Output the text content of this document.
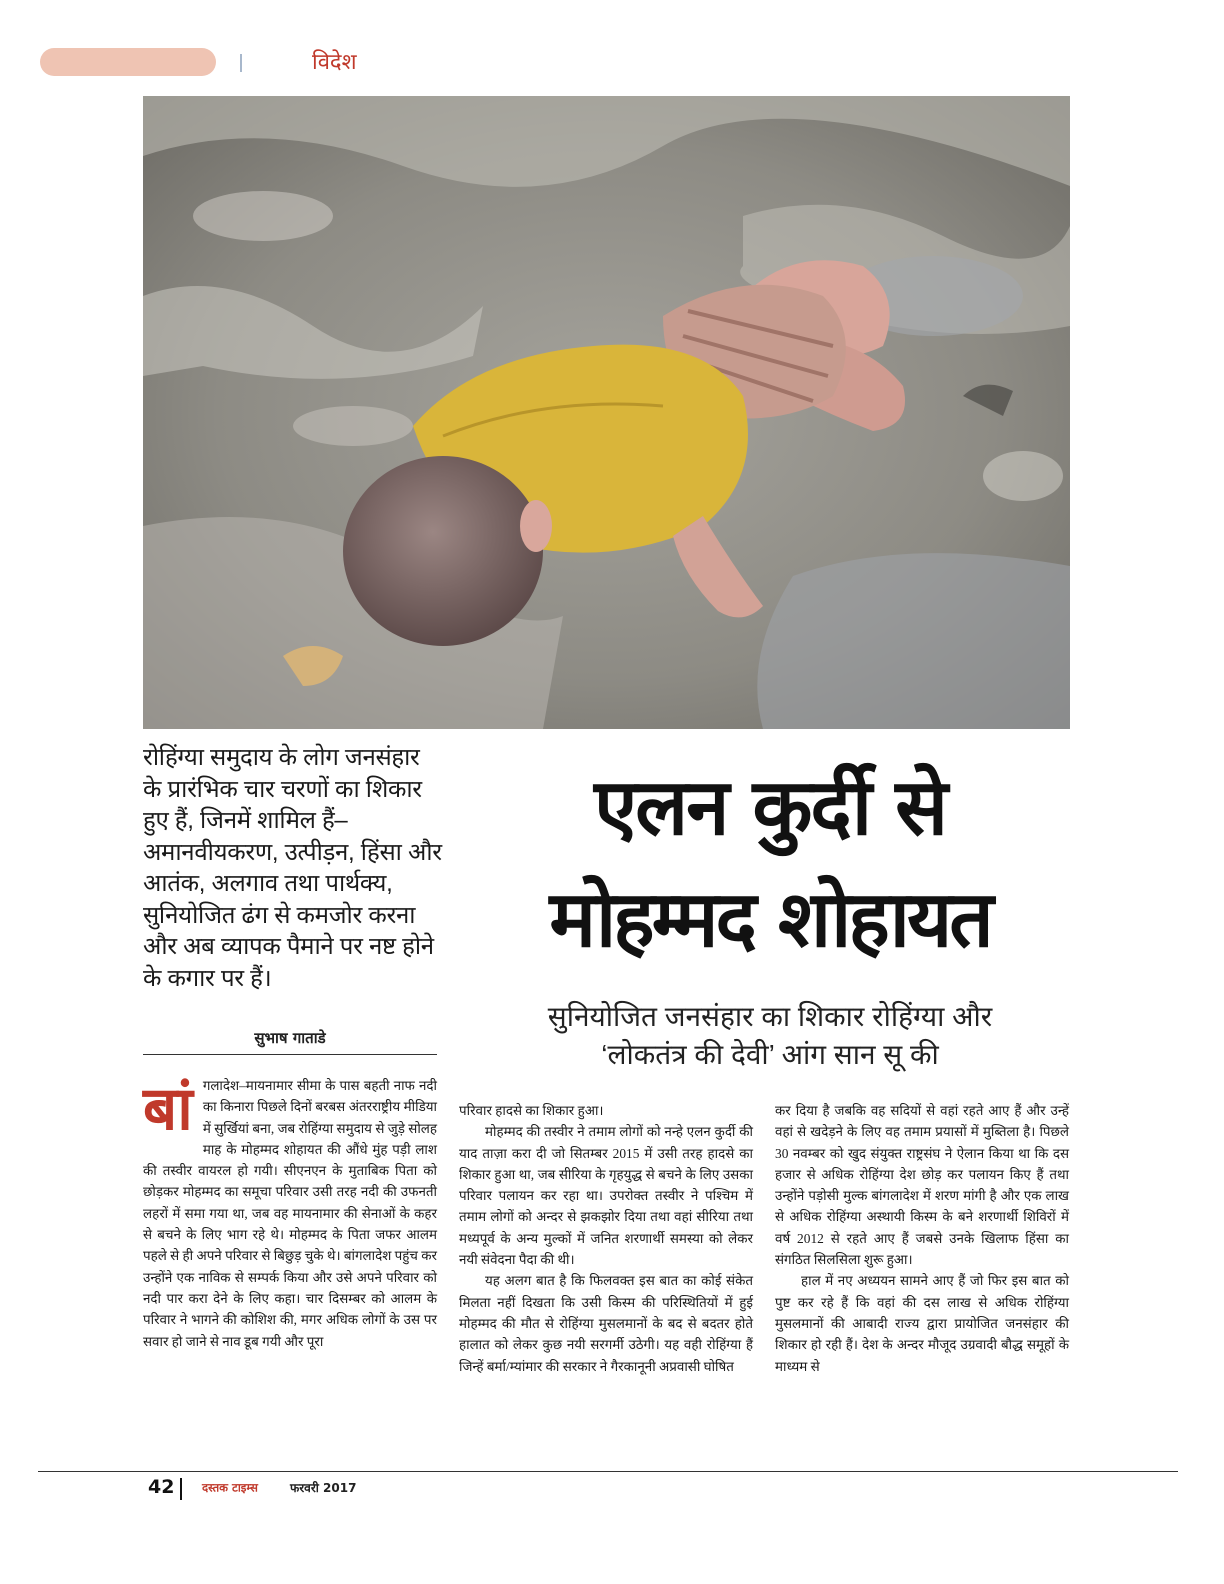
विदेश
रोहिंग्या समुदाय के लोग जनसंहार के प्रारंभिक चार चरणों का शिकार हुए हैं, जिनमें शामिल हैं– अमानवीयकरण, उत्पीड़न, हिंसा और आतंक, अलगाव तथा पार्थक्य, सुनियोजित ढंग से कमजोर करना और अब व्यापक पैमाने पर नष्ट होने के कगार पर हैं।
एलन कुर्दी से
मोहम्मद शोहायत
सुनियोजित जनसंहार का शिकार रोहिंग्या और
‘लोकतंत्र की देवी’ आंग सान सू की
सुभाष गाताडे
बां गलादेश–मायनामार सीमा के पास बहती नाफ नदी का किनारा पिछले दिनों बरबस अंतरराष्ट्रीय मीडिया में सुर्खियां बना, जब रोहिंग्या समुदाय से जुड़े सोलह माह के मोहम्मद शोहायत की औंधे मुंह पड़ी लाश की तस्वीर वायरल हो गयी। सीएनएन के मुताबिक पिता को छोड़कर मोहम्मद का समूचा परिवार उसी तरह नदी की उफनती लहरों में समा गया था, जब वह मायनामार की सेनाओं के कहर से बचने के लिए भाग रहे थे। मोहम्मद के पिता जफर आलम पहले से ही अपने परिवार से बिछुड़ चुके थे। बांगलादेश पहुंच कर उन्होंने एक नाविक से सम्पर्क किया और उसे अपने परिवार को नदी पार करा देने के लिए कहा। चार दिसम्बर को आलम के परिवार ने भागने की कोशिश की, मगर अधिक लोगों के उस पर सवार हो जाने से नाव डूब गयी और पूरा

परिवार हादसे का शिकार हुआ।

मोहम्मद की तस्वीर ने तमाम लोगों को नन्हे एलन कुर्दी की याद ताज़ा करा दी जो सितम्बर 2015 में उसी तरह हादसे का शिकार हुआ था, जब सीरिया के गृहयुद्ध से बचने के लिए उसका परिवार पलायन कर रहा था। उपरोक्त तस्वीर ने पश्चिम में तमाम लोगों को अन्दर से झकझोर दिया तथा वहां सीरिया तथा मध्यपूर्व के अन्य मुल्कों में जनित शरणार्थी समस्या को लेकर नयी संवेदना पैदा की थी।

यह अलग बात है कि फिलवक्त इस बात का कोई संकेत मिलता नहीं दिखता कि उसी किस्म की परिस्थितियों में हुई मोहम्मद की मौत से रोहिंग्या मुसलमानों के बद से बदतर होते हालात को लेकर कुछ नयी सरगर्मी उठेगी। यह वही रोहिंग्या हैं जिन्हें बर्मा/म्यांमार की सरकार ने गैरकानूनी अप्रवासी घोषित

कर दिया है जबकि वह सदियों से वहां रहते आए हैं और उन्हें वहां से खदेड़ने के लिए वह तमाम प्रयासों में मुब्तिला है। पिछले 30 नवम्बर को खुद संयुक्त राष्ट्रसंघ ने ऐलान किया था कि दस हजार से अधिक रोहिंग्या देश छोड़ कर पलायन किए हैं तथा उन्होंने पड़ोसी मुल्क बांगलादेश में शरण मांगी है और एक लाख से अधिक रोहिंग्या अस्थायी किस्म के बने शरणार्थी शिविरों में वर्ष 2012 से रहते आए हैं जबसे उनके खिलाफ हिंसा का संगठित सिलसिला शुरू हुआ।

हाल में नए अध्ययन सामने आए हैं जो फिर इस बात को पुष्ट कर रहे हैं कि वहां की दस लाख से अधिक रोहिंग्या मुसलमानों की आबादी राज्य द्वारा प्रायोजित जनसंहार की शिकार हो रही हैं। देश के अन्दर मौजूद उग्रवादी बौद्ध समूहों के माध्यम से

42 दस्तक टाइम्स	फरवरी 2017
